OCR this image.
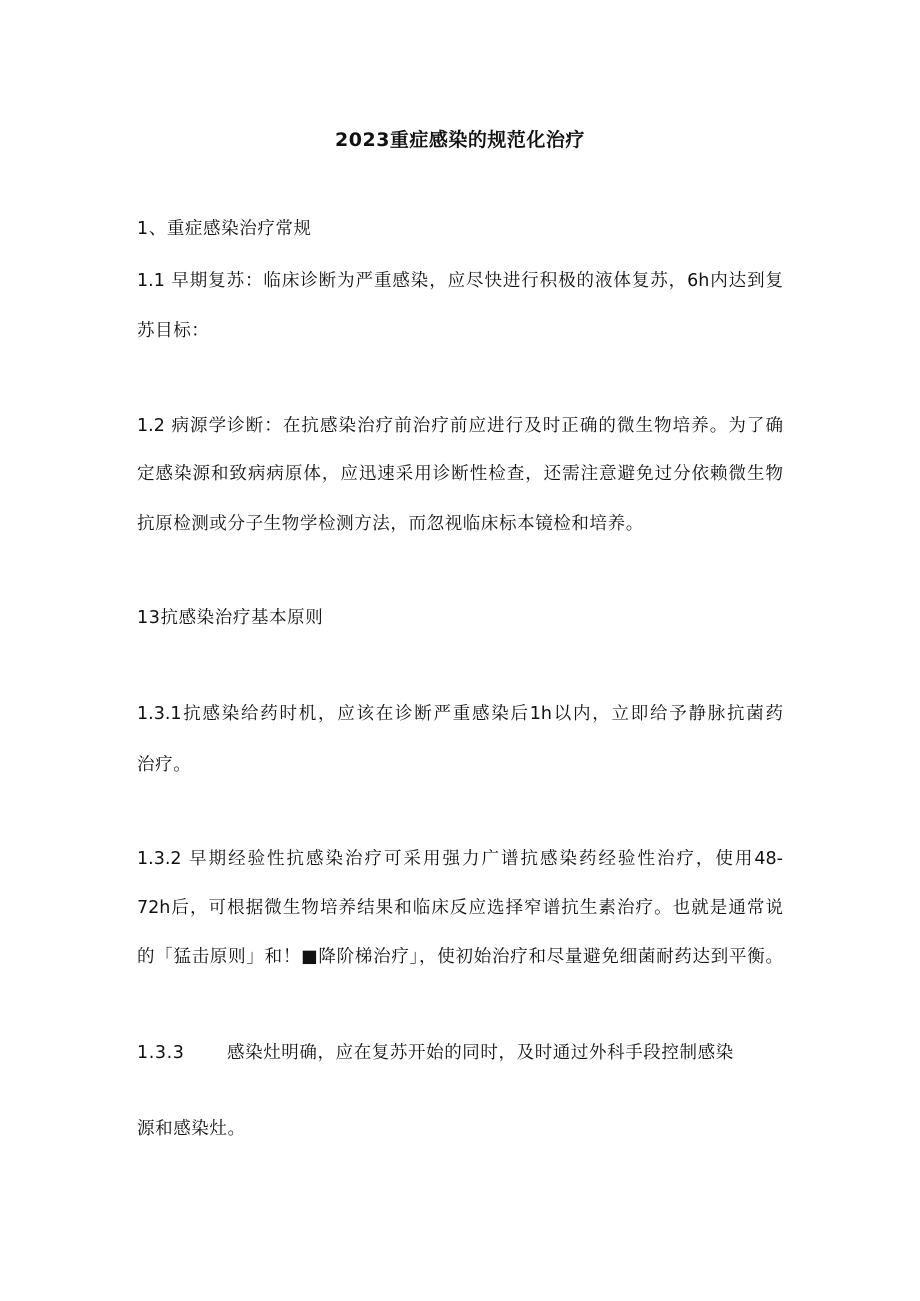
2023重症感染的规范化治疗
1、重症感染治疗常规
1.1 早期复苏：临床诊断为严重感染，应尽快进行积极的液体复苏，6h内达到复
苏目标：
1.2 病源学诊断：在抗感染治疗前治疗前应进行及时正确的微生物培养。为了确
定感染源和致病病原体，应迅速采用诊断性检查，还需注意避免过分依赖微生物
抗原检测或分子生物学检测方法，而忽视临床标本镜检和培养。
13抗感染治疗基本原则
1.3.1抗感染给药时机，应该在诊断严重感染后1h以内，立即给予静脉抗菌药
治疗。
1.3.2 早期经验性抗感染治疗可采用强力广谱抗感染药经验性治疗，使用48-
72h后，可根据微生物培养结果和临床反应选择窄谱抗生素治疗。也就是通常说
的「猛击原则」和！■降阶梯治疗」，使初始治疗和尽量避免细菌耐药达到平衡。
1.3.3 感染灶明确，应在复苏开始的同时，及时通过外科手段控制感染
源和感染灶。
